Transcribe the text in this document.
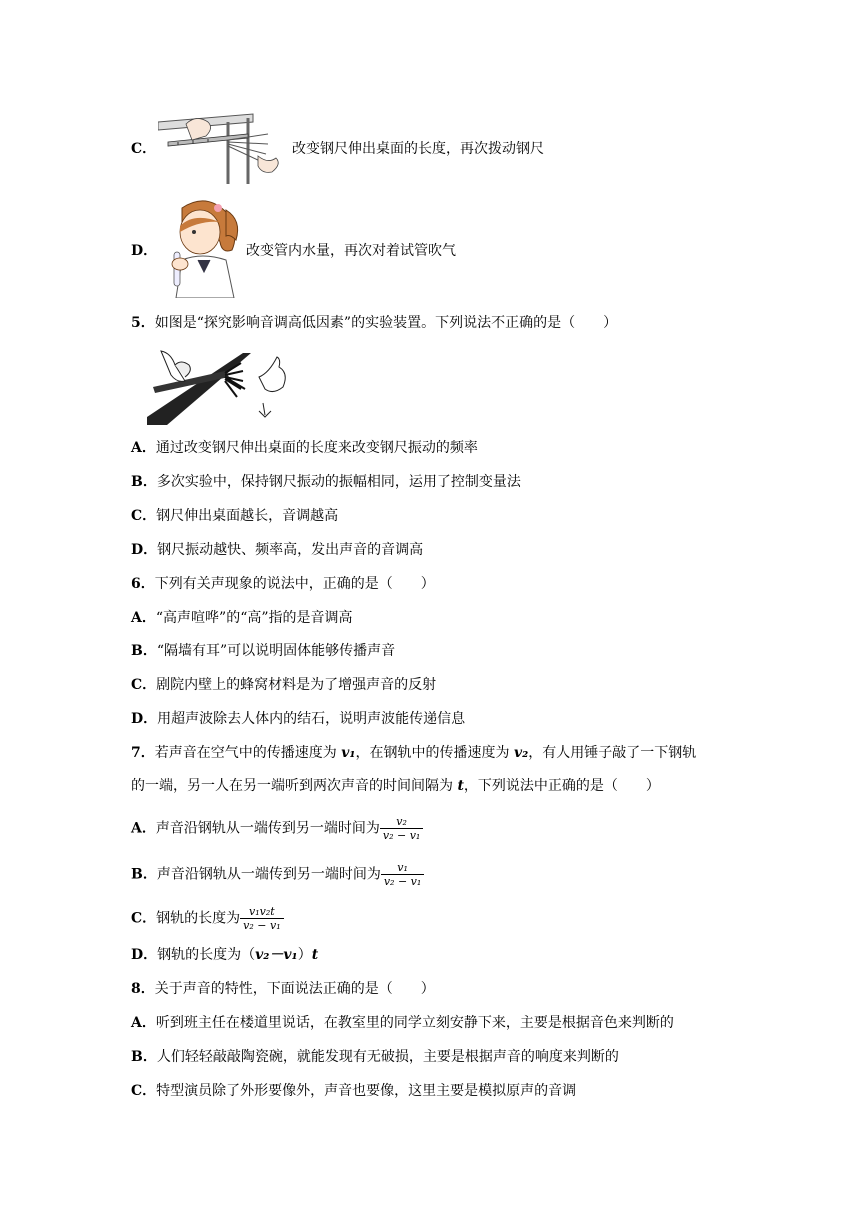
C．	改变钢尺伸出桌面的长度，再次拨动钢尺
D．	改变管内水量，再次对着试管吹气
5．如图是“探究影响音调高低因素”的实验装置。下列说法不正确的是（　　）
A．通过改变钢尺伸出桌面的长度来改变钢尺振动的频率
B．多次实验中，保持钢尺振动的振幅相同，运用了控制变量法
C．钢尺伸出桌面越长，音调越高
D．钢尺振动越快、频率高，发出声音的音调高
6．下列有关声现象的说法中，正确的是（　　）
A．“高声喧哗”的“高”指的是音调高
B．“隔墙有耳”可以说明固体能够传播声音
C．剧院内壁上的蜂窝材料是为了增强声音的反射
D．用超声波除去人体内的结石，说明声波能传递信息
7．若声音在空气中的传播速度为 v₁，在钢轨中的传播速度为 v₂，有人用锤子敲了一下钢轨
的一端，另一人在另一端听到两次声音的时间间隔为 t，下列说法中正确的是（　　）
A．声音沿钢轨从一端传到另一端时间为 $\frac{\text{v₂}}{\text{v₂ − v₁}}$
B．声音沿钢轨从一端传到另一端时间为 $\frac{\text{v₁}}{\text{v₂ − v₁}}$
C．钢轨的长度为 $\frac{\text{v₁v₂t}}{\text{v₂ − v₁}}$
D．钢轨的长度为（v₂－v₁）t
8．关于声音的特性，下面说法正确的是（　　）
A．听到班主任在楼道里说话，在教室里的同学立刻安静下来，主要是根据音色来判断的
B．人们轻轻敲敲陶瓷碗，就能发现有无破损，主要是根据声音的响度来判断的
C．特型演员除了外形要像外，声音也要像，这里主要是模拟原声的音调
